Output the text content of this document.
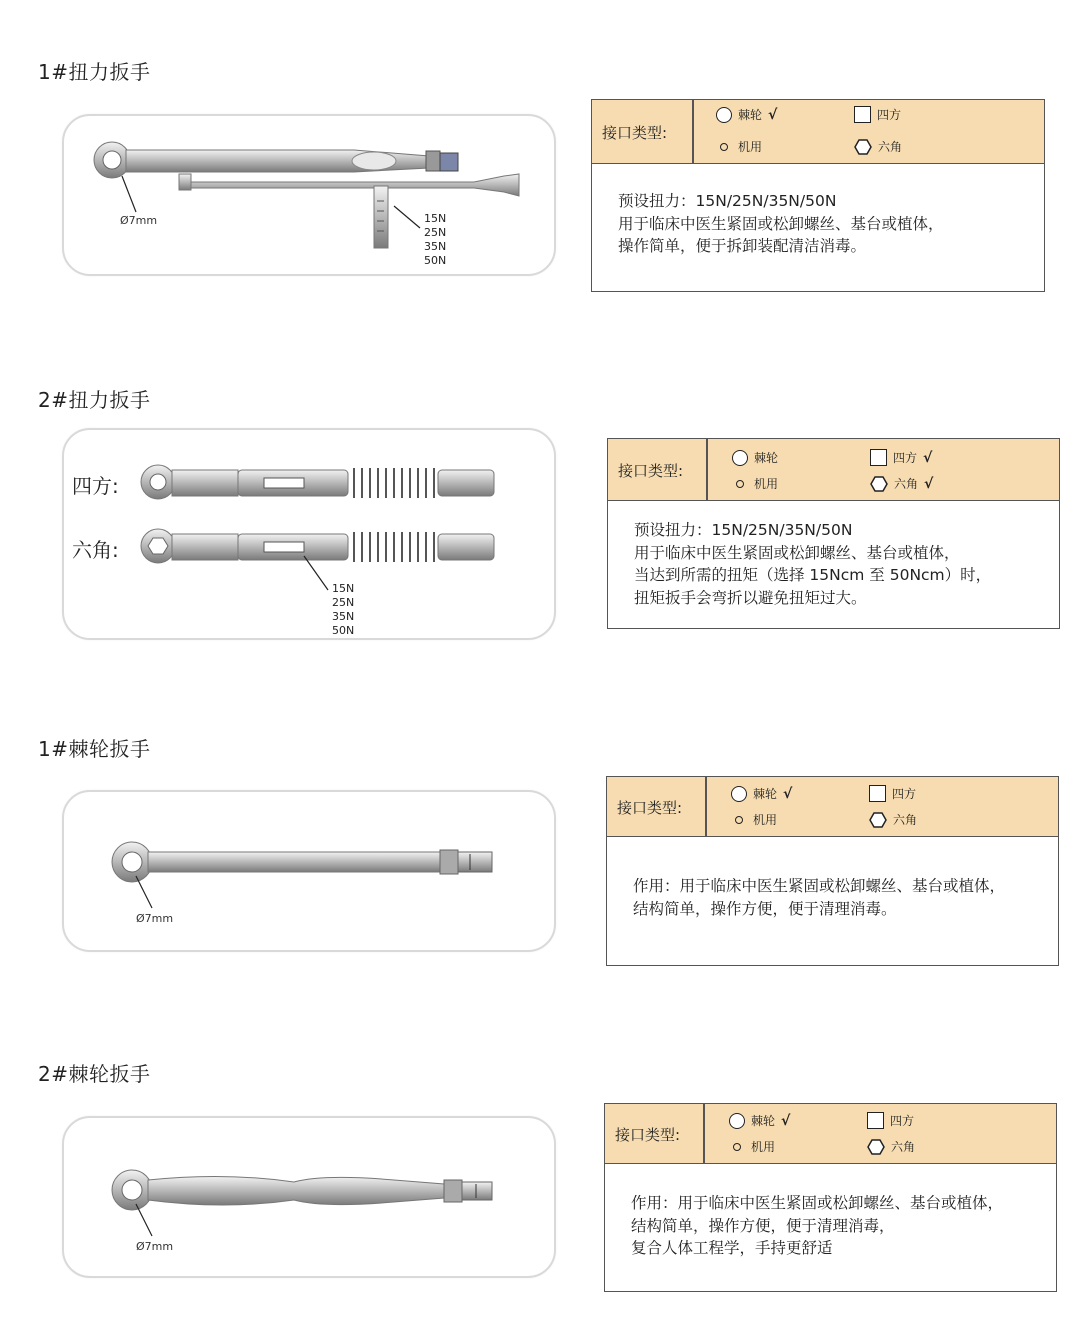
1#扭力扳手
Ø7mm	15N
25N
35N
50N
接口类型:
棘轮 √	四方
机用	六角
预设扭力：15N/25N/35N/50N
用于临床中医生紧固或松卸螺丝、基台或植体，
操作简单，便于拆卸装配清洁消毒。
2#扭力扳手
四方:
六角:
15N
25N
35N
50N
接口类型:
棘轮	四方 √
机用	六角 √
预设扭力：15N/25N/35N/50N
用于临床中医生紧固或松卸螺丝、基台或植体，
当达到所需的扭矩（选择 15Ncm 至 50Ncm）时，
扭矩扳手会弯折以避免扭矩过大。
1#棘轮扳手
Ø7mm
接口类型:
棘轮 √	四方
机用	六角
作用：用于临床中医生紧固或松卸螺丝、基台或植体，
结构简单，操作方便，便于清理消毒。
2#棘轮扳手
Ø7mm
接口类型:
棘轮 √	四方
机用	六角
作用：用于临床中医生紧固或松卸螺丝、基台或植体，
结构简单，操作方便，便于清理消毒，
复合人体工程学，手持更舒适
